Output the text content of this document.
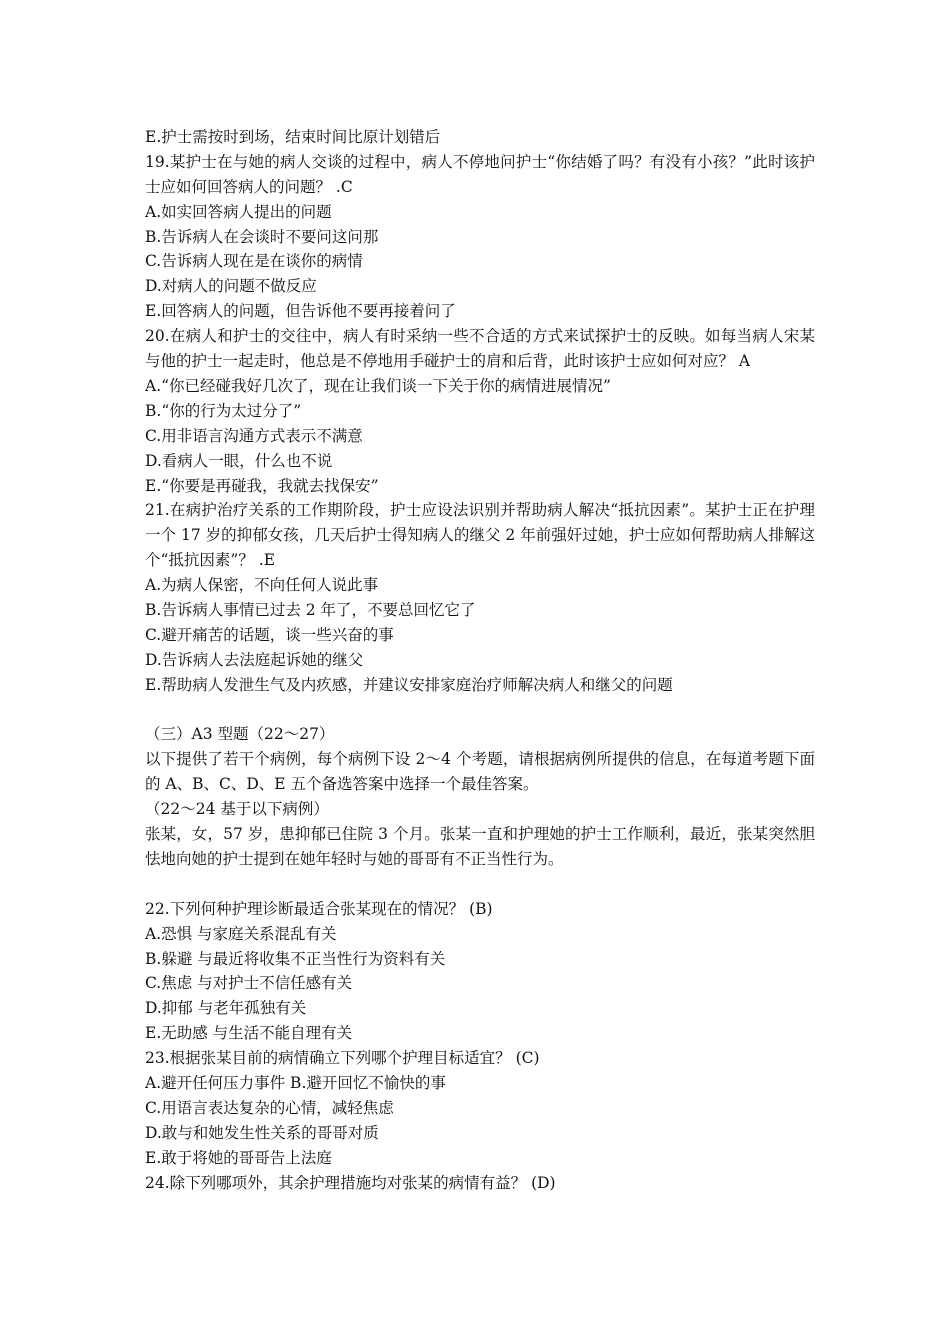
E.护士需按时到场，结束时间比原计划错后
19.某护士在与她的病人交谈的过程中，病人不停地问护士“你结婚了吗？有没有小孩？”此时该护士应如何回答病人的问题？ .C
A.如实回答病人提出的问题
B.告诉病人在会谈时不要问这问那
C.告诉病人现在是在谈你的病情
D.对病人的问题不做反应
E.回答病人的问题，但告诉他不要再接着问了
20.在病人和护士的交往中，病人有时采纳一些不合适的方式来试探护士的反映。如每当病人宋某与他的护士一起走时，他总是不停地用手碰护士的肩和后背，此时该护士应如何对应？ A
A.“你已经碰我好几次了，现在让我们谈一下关于你的病情进展情况”
B.“你的行为太过分了”
C.用非语言沟通方式表示不满意
D.看病人一眼，什么也不说
E.“你要是再碰我，我就去找保安”
21.在病护治疗关系的工作期阶段，护士应设法识别并帮助病人解决“抵抗因素”。某护士正在护理一个 17 岁的抑郁女孩，几天后护士得知病人的继父 2 年前强奸过她，护士应如何帮助病人排解这个“抵抗因素”？ .E
A.为病人保密，不向任何人说此事
B.告诉病人事情已过去 2 年了，不要总回忆它了
C.避开痛苦的话题，谈一些兴奋的事
D.告诉病人去法庭起诉她的继父
E.帮助病人发泄生气及内疚感，并建议安排家庭治疗师解决病人和继父的问题
（三）A3 型题（22～27）
以下提供了若干个病例，每个病例下设 2～4 个考题，请根据病例所提供的信息，在每道考题下面的 A、B、C、D、E 五个备选答案中选择一个最佳答案。
（22～24 基于以下病例）
张某，女，57 岁，患抑郁已住院 3 个月。张某一直和护理她的护士工作顺利，最近，张某突然胆怯地向她的护士提到在她年轻时与她的哥哥有不正当性行为。
22.下列何种护理诊断最适合张某现在的情况？ (B)
A.恐惧 与家庭关系混乱有关
B.躲避 与最近将收集不正当性行为资料有关
C.焦虑 与对护士不信任感有关
D.抑郁 与老年孤独有关
E.无助感 与生活不能自理有关
23.根据张某目前的病情确立下列哪个护理目标适宜？ (C)
A.避开任何压力事件 B.避开回忆不愉快的事
C.用语言表达复杂的心情，减轻焦虑
D.敢与和她发生性关系的哥哥对质
E.敢于将她的哥哥告上法庭
24.除下列哪项外，其余护理措施均对张某的病情有益？ (D)
